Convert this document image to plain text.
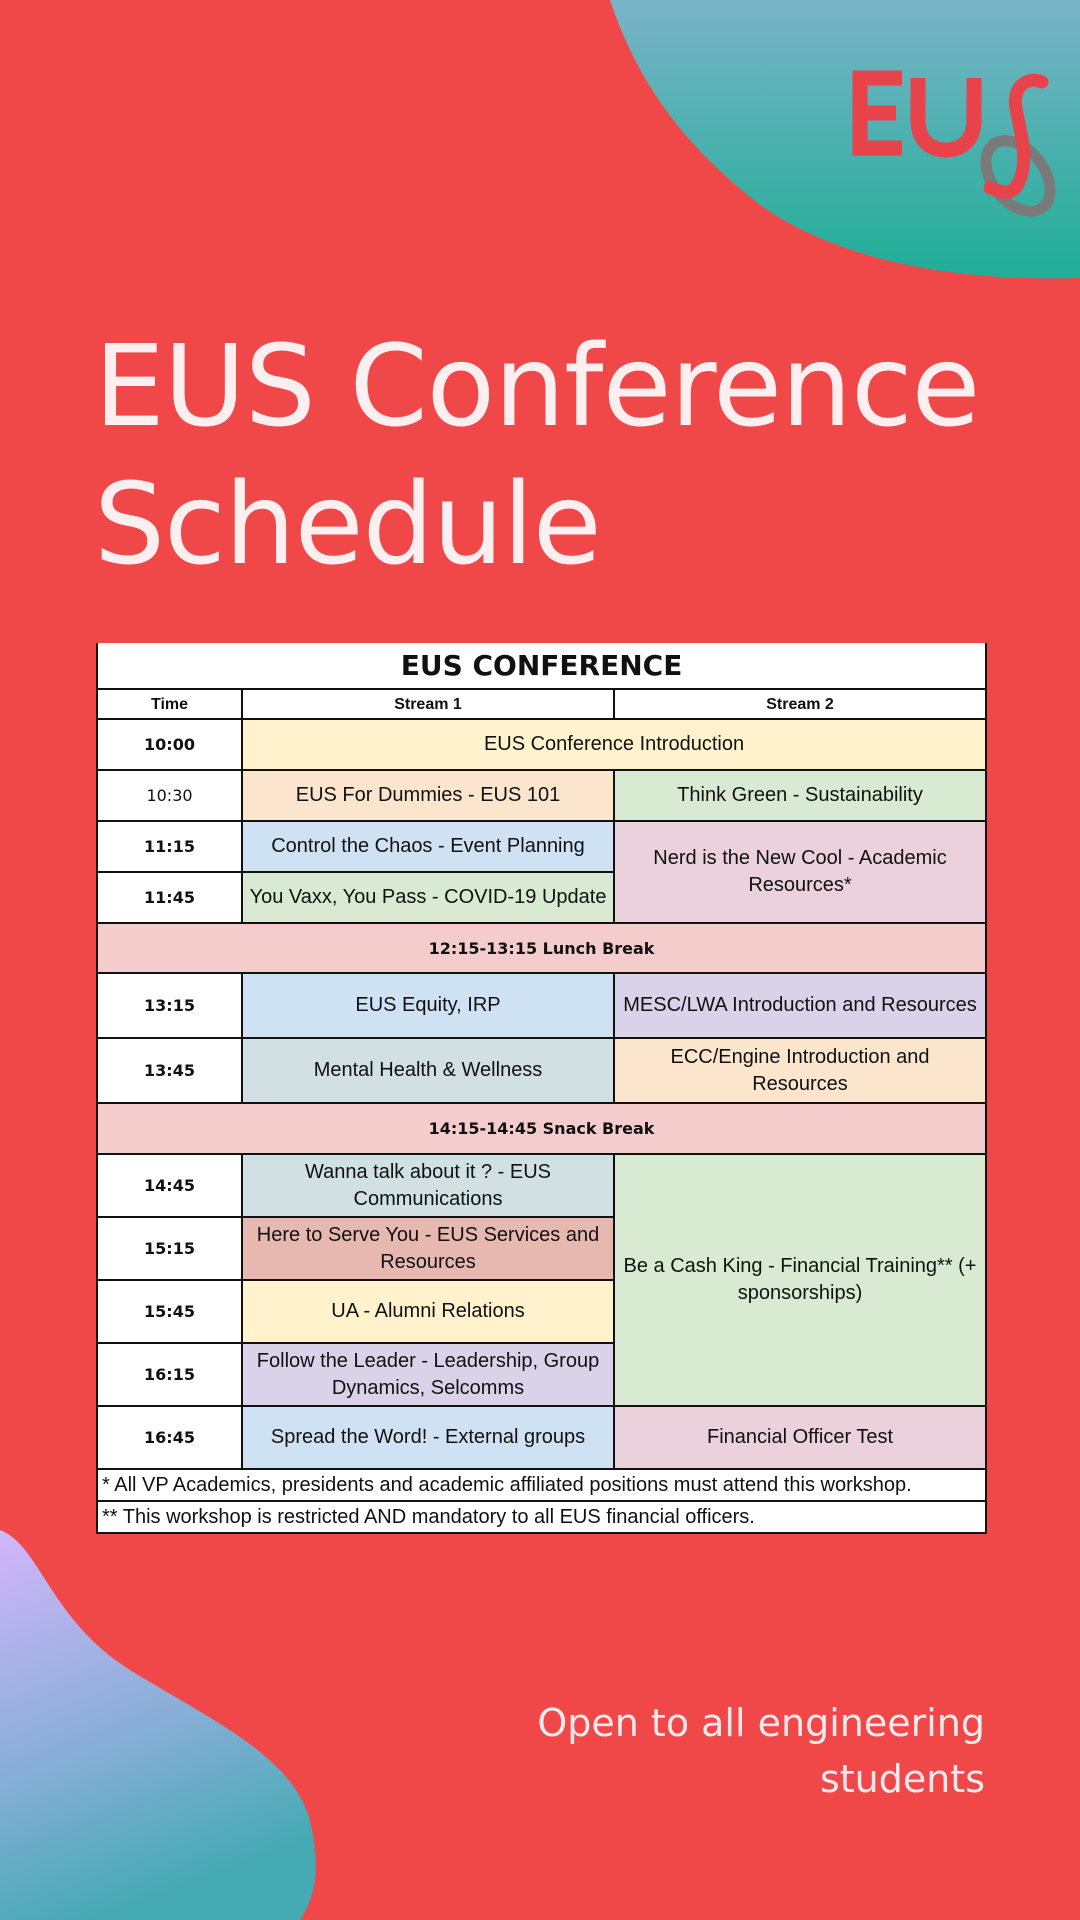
EUS Conference
Schedule
EUS CONFERENCE		
Time	Stream 1	Stream 2
10:00	EUS Conference Introduction	
10:30	EUS For Dummies - EUS 101	Think Green - Sustainability
11:15	Control the Chaos - Event Planning	Nerd is the New Cool - Academic Resources*
11:45	You Vaxx, You Pass - COVID-19 Update	
12:15-13:15 Lunch Break		
13:15	EUS Equity, IRP	MESC/LWA Introduction and Resources
13:45	Mental Health & Wellness	ECC/Engine Introduction and Resources
14:15-14:45 Snack Break		
14:45	Wanna talk about it ? - EUS Communications	Be a Cash King - Financial Training** (+ sponsorships)
15:15	Here to Serve You - EUS Services and Resources	
15:45	UA - Alumni Relations	
16:15	Follow the Leader - Leadership, Group Dynamics, Selcomms	
16:45	Spread the Word! - External groups	Financial Officer Test
* All VP Academics, presidents and academic affiliated positions must attend this workshop.		
** This workshop is restricted AND mandatory to all EUS financial officers.		
Open to all engineering students
